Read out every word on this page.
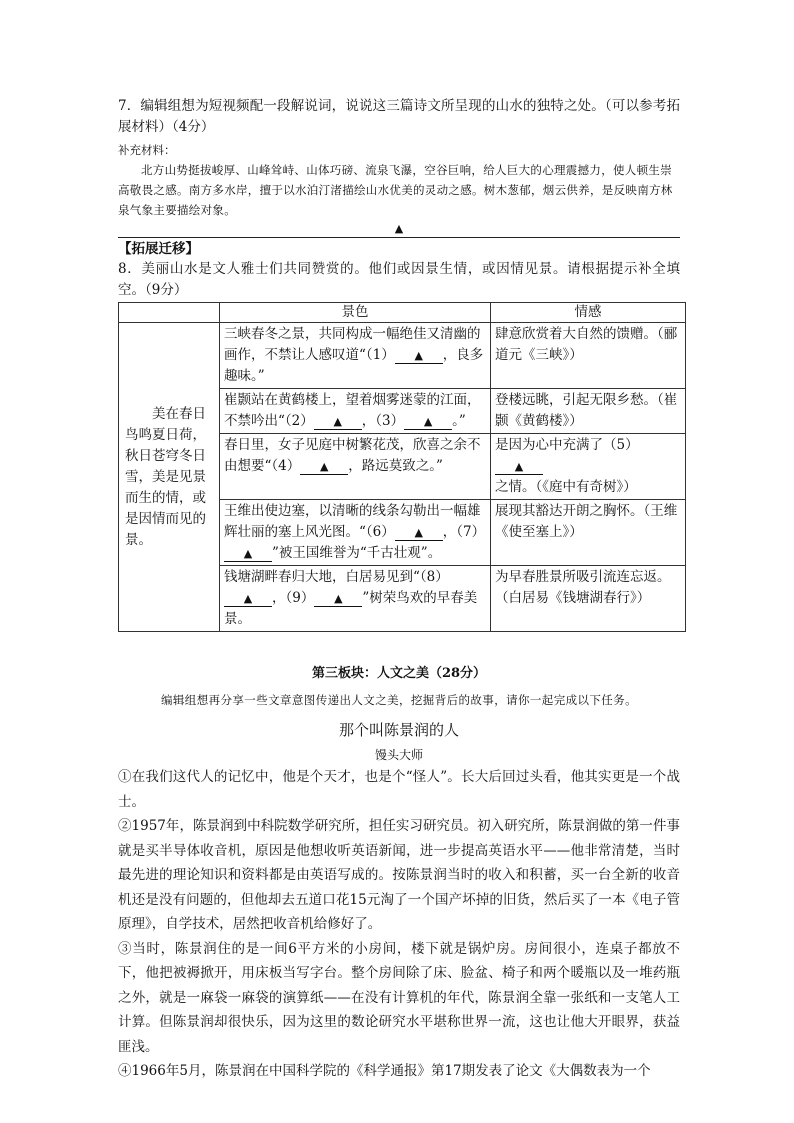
7．编辑组想为短视频配一段解说词，说说这三篇诗文所呈现的山水的独特之处。（可以参考拓展材料）（4分）

补充材料：
北方山势挺拔峻厚、山峰耸峙、山体巧磅、流泉飞瀑，空谷巨响，给人巨大的心理震撼力，使人顿生崇高敬畏之感。南方多水岸，擅于以水泊汀渚描绘山水优美的灵动之感。树木葱郁，烟云供养，是反映南方林泉气象主要描绘对象。
▲
【拓展迁移】

8．美丽山水是文人雅士们共同赞赏的。他们或因景生情，或因情见景。请根据提示补全填空。（9分）

	景色	情感
美在春日鸟鸣夏日荷，秋日苍穹冬日雪，美是见景而生的情，或是因情而见的景。	三峡春冬之景，共同构成一幅绝佳又清幽的画作，不禁让人感叹道“（1） ▲ ，良多趣味。”	肆意欣赏着大自然的馈赠。（郦道元《三峡》）
	崔颢站在黄鹤楼上，望着烟雾迷蒙的江面，不禁吟出“（2） ▲ ，（3） ▲ 。”	登楼远眺，引起无限乡愁。（崔颢《黄鹤楼》）
	春日里，女子见庭中树繁花茂，欣喜之余不由想要“（4） ▲ ，路远莫致之。”	是因为心中充满了（5）▲之情。（《庭中有奇树》）
	王维出使边塞，以清晰的线条勾勒出一幅雄辉壮丽的塞上风光图。“（6） ▲ ，（7）▲ ”被王国维誉为“千古壮观”。	展现其豁达开朗之胸怀。（王维《使至塞上》）
	钱塘湖畔春归大地，白居易见到“（8）▲ ，（9） ▲ ”树荣鸟欢的早春美景。	为早春胜景所吸引流连忘返。（白居易《钱塘湖春行》）
第三板块：人文之美（28分）
编辑组想再分享一些文章意图传递出人文之美，挖掘背后的故事，请你一起完成以下任务。
那个叫陈景润的人
馒头大师

①在我们这代人的记忆中，他是个天才，也是个“怪人”。长大后回过头看，他其实更是一个战士。

②1957年，陈景润到中科院数学研究所，担任实习研究员。初入研究所，陈景润做的第一件事就是买半导体收音机，原因是他想收听英语新闻，进一步提高英语水平——他非常清楚，当时最先进的理论知识和资料都是由英语写成的。按陈景润当时的收入和积蓄，买一台全新的收音机还是没有问题的，但他却去五道口花15元淘了一个国产坏掉的旧货，然后买了一本《电子管原理》，自学技术，居然把收音机给修好了。

③当时，陈景润住的是一间6平方米的小房间，楼下就是锅炉房。房间很小，连桌子都放不下，他把被褥掀开，用床板当写字台。整个房间除了床、脸盆、椅子和两个暖瓶以及一堆药瓶之外，就是一麻袋一麻袋的演算纸——在没有计算机的年代，陈景润全靠一张纸和一支笔人工计算。但陈景润却很快乐，因为这里的数论研究水平堪称世界一流，这也让他大开眼界，获益匪浅。

④1966年5月，陈景润在中国科学院的《科学通报》第17期发表了论文《大偶数表为一个
